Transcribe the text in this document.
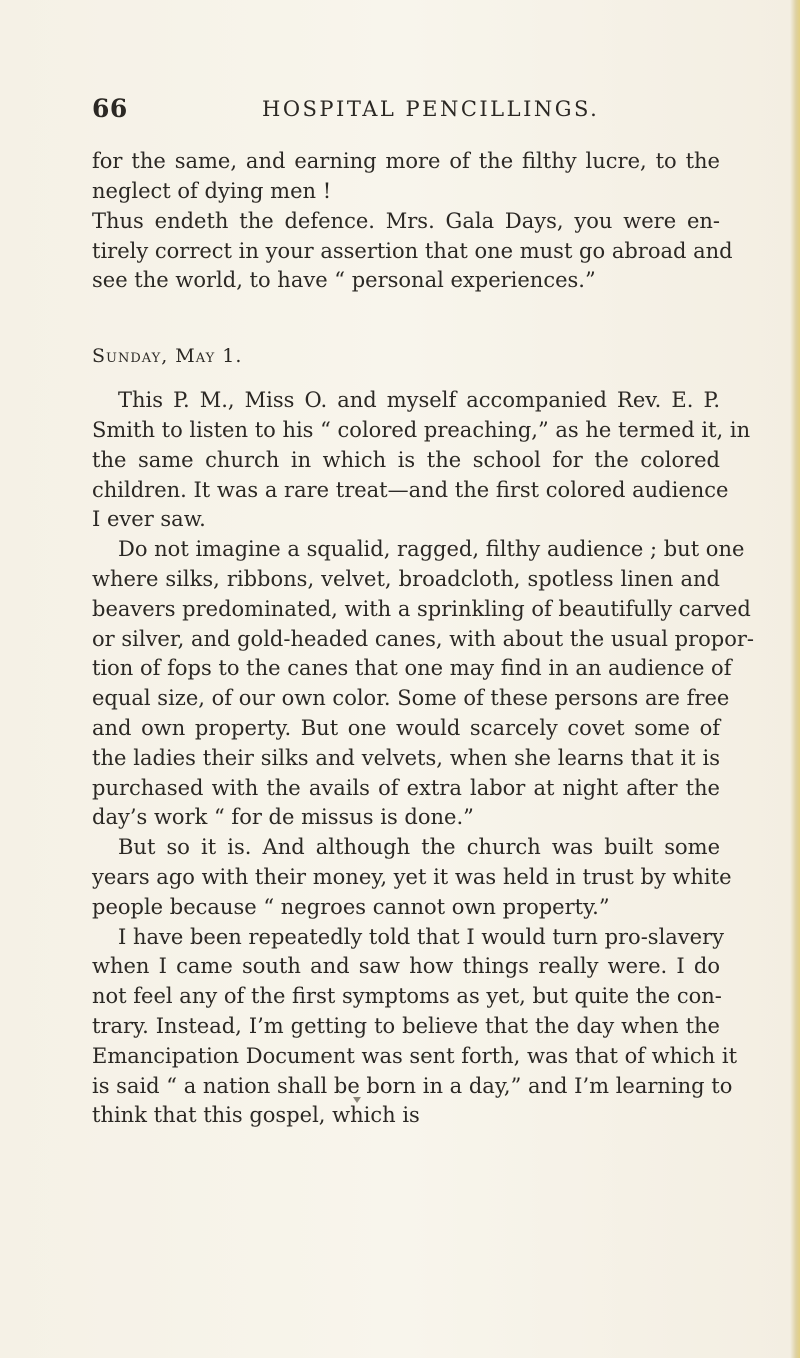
66	HOSPITAL PENCILLINGS.
for the same, and earning more of the filthy lucre, to the
neglect of dying men !
Thus endeth the defence. Mrs. Gala Days, you were en-
tirely correct in your assertion that one must go abroad and
see the world, to have “ personal experiences.”
Sunday, May 1.
This P. M., Miss O. and myself accompanied Rev. E. P.
Smith to listen to his “ colored preaching,” as he termed it, in
the same church in which is the school for the colored
children. It was a rare treat—and the first colored audience
I ever saw.
Do not imagine a squalid, ragged, filthy audience ; but one
where silks, ribbons, velvet, broadcloth, spotless linen and
beavers predominated, with a sprinkling of beautifully carved
or silver, and gold-headed canes, with about the usual propor-
tion of fops to the canes that one may find in an audience of
equal size, of our own color. Some of these persons are free
and own property. But one would scarcely covet some of
the ladies their silks and velvets, when she learns that it is
purchased with the avails of extra labor at night after the
day’s work “ for de missus is done.”
But so it is. And although the church was built some
years ago with their money, yet it was held in trust by white
people because “ negroes cannot own property.”
I have been repeatedly told that I would turn pro-slavery
when I came south and saw how things really were. I do
not feel any of the first symptoms as yet, but quite the con-
trary. Instead, I’m getting to believe that the day when the
Emancipation Document was sent forth, was that of which it
is said “ a nation shall be born in a day,” and I’m learning to
think that this gospel, which is
